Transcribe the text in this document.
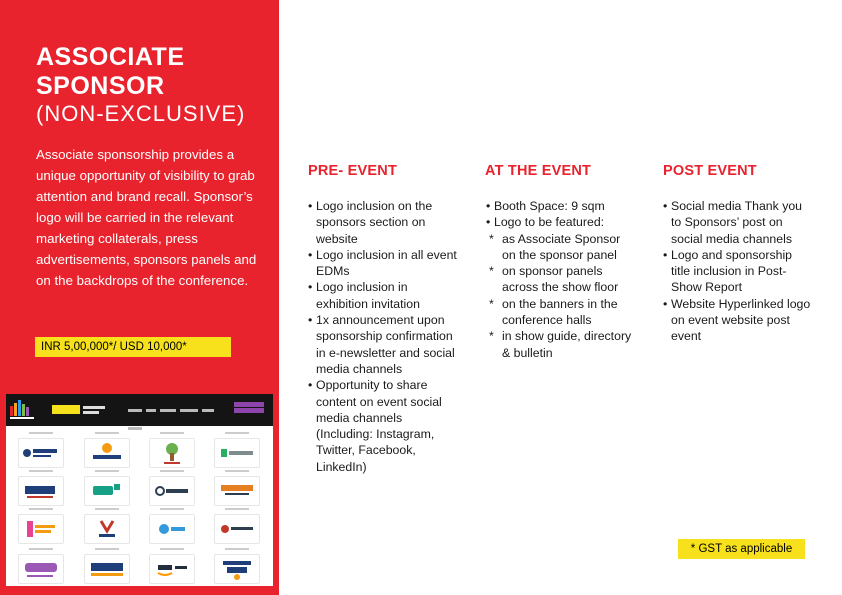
ASSOCIATE
SPONSOR
(NON-EXCLUSIVE)

Associate sponsorship provides a unique opportunity of visibility to grab attention and brand recall. Sponsor’s logo will be carried in the relevant marketing collaterals, press advertisements, sponsors panels and on the backdrops of the conference.

INR 5,00,000*/ USD 10,000*
PRE- EVENT
• Logo inclusion on the sponsors section on website
• Logo inclusion in all event EDMs
• Logo inclusion in exhibition invitation
• 1x announcement upon sponsorship confirmation in e-newsletter and social media channels
• Opportunity to share content on event social media channels (Including: Instagram, Twitter, Facebook, LinkedIn)
AT THE EVENT
• Booth Space: 9 sqm
• Logo to be featured:
* as Associate Sponsor on the sponsor panel
* on sponsor panels across the show floor
* on the banners in the conference halls
* in show guide, directory & bulletin
POST EVENT
• Social media Thank you to Sponsors’ post on social media channels
• Logo and sponsorship title inclusion in Post-Show Report
• Website Hyperlinked logo on event website post event
* GST as applicable
